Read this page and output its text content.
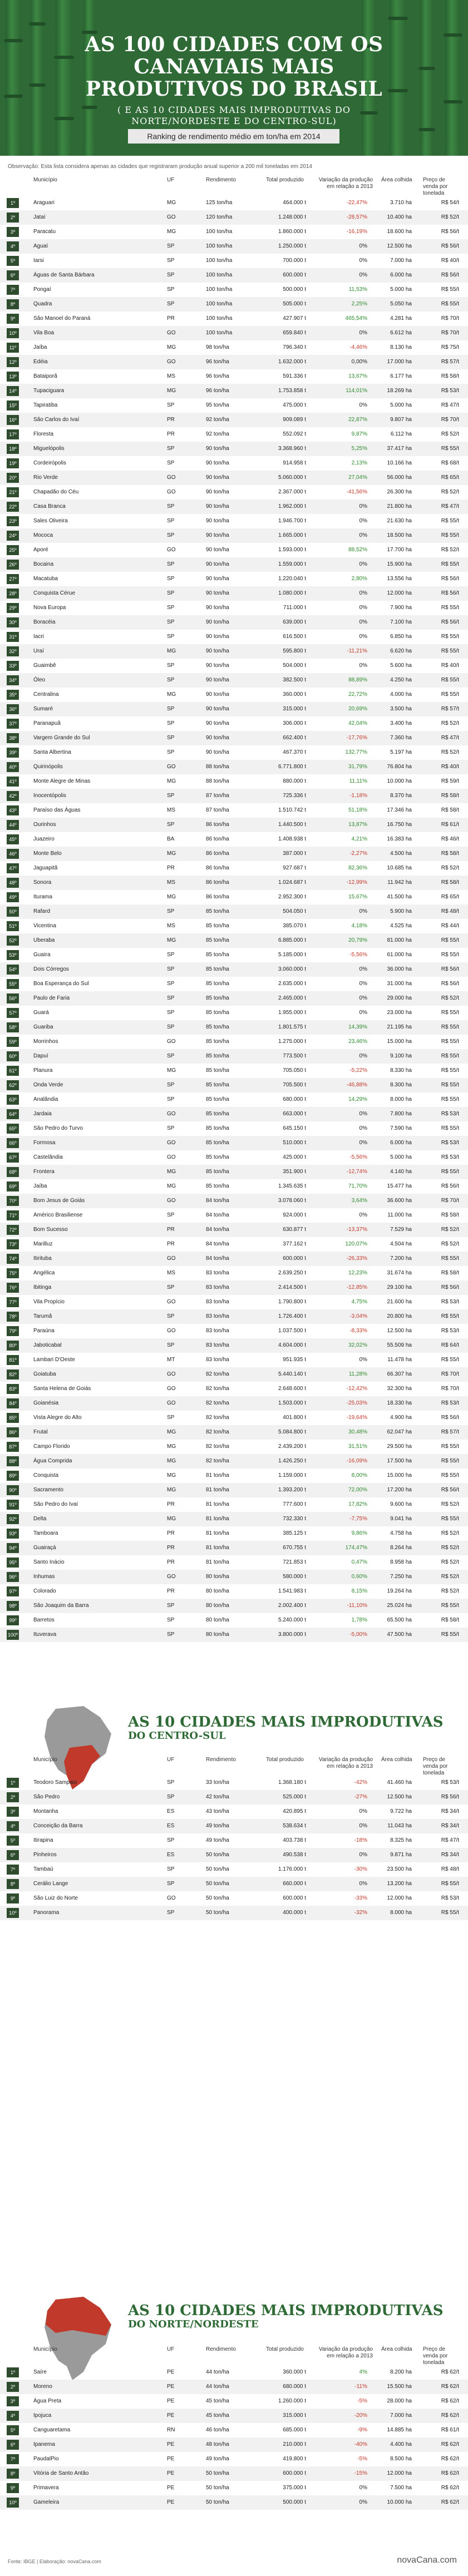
AS 100 CIDADES COM OS CANAVIAIS MAIS PRODUTIVOS DO BRASIL
( E AS 10 CIDADES MAIS IMPRODUTIVAS DO NORTE/NORDESTE E DO CENTRO-SUL)
Ranking de rendimento médio em ton/ha em 2014
Observação: Esta lista considera apenas as cidades que registraram produção anual superior a 200 mil toneladas em 2014
Município	UF	Rendimento	Total produzido	Variação da produção em relação a 2013
Área colhida Preço de venda por tonelada
1º	Araguari	MG	125 ton/ha	464.000 t	-22,47%	3.710 ha	R$ 54/t
2º	Jataí	GO	120 ton/ha	1.248.000 t	-28,57%	10.400 ha	R$ 52/t
3º	Paracatu	MG	100 ton/ha	1.860.000 t	-16,19%	18.600 ha	R$ 56/t
4º	Aguaí	SP	100 ton/ha	1.250.000 t	0%	12.500 ha	R$ 56/t
5º	Iarsi	SP	100 ton/ha	700.000 t	0%	7.000 ha	R$ 40/t
6º	Águas de Santa Bárbara	SP	100 ton/ha	600.000 t	0%	6.000 ha	R$ 56/t
7º	Pongaí	SP	100 ton/ha	500.000 t	11,53%	5.000 ha	R$ 55/t
8º	Quadra	SP	100 ton/ha	505.000 t	2,25%	5.050 ha	R$ 55/t
9º	São Manoel do Paraná	PR	100 ton/ha	427.907 t	465,54%	4.281 ha	R$ 70/t
10º	Vila Boa	GO	100 ton/ha	659.840 t	0%	6.612 ha	R$ 70/t
11º	Jaíba	MG	98 ton/ha	796.340 t	-4,46%	8.130 ha	R$ 75/t
12º	Edéia	GO	96 ton/ha	1.632.000 t	0,00%	17.000 ha	R$ 57/t
13º	Bataiporã	MS	96 ton/ha	591.336 t	13,67%	6.177 ha	R$ 58/t
14º	Tupaciguara	MG	96 ton/ha	1.753.858 t	114,01%	18.269 ha	R$ 53/t
15º	Tapiratiba	SP	95 ton/ha	475.000 t	0%	5.000 ha	R$ 47/t
16º	São Carlos do Ivaí	PR	92 ton/ha	909.089 t	22,87%	9.807 ha	R$ 70/t
17º	Floresta	PR	92 ton/ha	552.092 t	9,87%	6.112 ha	R$ 52/t
18º	Miguelópolis	SP	90 ton/ha	3.368.960 t	5,25%	37.417 ha	R$ 55/t
19º	Cordeirópolis	SP	90 ton/ha	914.958 t	2,13%	10.166 ha	R$ 68/t
20º	Rio Verde	GO	90 ton/ha	5.060.000 t	27,04%	56.000 ha	R$ 65/t
21º	Chapadão do Céu	GO	90 ton/ha	2.367.000 t	-41,56%	26.300 ha	R$ 52/t
22º	Casa Branca	SP	90 ton/ha	1.962.000 t	0%	21.800 ha	R$ 47/t
23º	Sales Oliveira	SP	90 ton/ha	1.946.700 t	0%	21.630 ha	R$ 55/t
24º	Mococa	SP	90 ton/ha	1.665.000 t	0%	18.500 ha	R$ 55/t
25º	Aporé	GO	90 ton/ha	1.593.000 t	88,52%	17.700 ha	R$ 52/t
26º	Bocaina	SP	90 ton/ha	1.559.000 t	0%	15.900 ha	R$ 55/t
27º	Macatuba	SP	90 ton/ha	1.220.040 t	2,80%	13.556 ha	R$ 56/t
28º	Conquista Cérue	SP	90 ton/ha	1.080.000 t	0%	12.000 ha	R$ 56/t
29º	Nova Europa	SP	90 ton/ha	711.000 t	0%	7.900 ha	R$ 55/t
30º	Boracéia	SP	90 ton/ha	639.000 t	0%	7.100 ha	R$ 56/t
31º	Iacri	SP	90 ton/ha	616.500 t	0%	6.850 ha	R$ 55/t
32º	Uraí	MG	90 ton/ha	595.800 t	-11,21%	6.620 ha	R$ 55/t
33º	Guaimbê	SP	90 ton/ha	504.000 t	0%	5.600 ha	R$ 40/t
34º	Óleo	SP	90 ton/ha	382.500 t	88,89%	4.250 ha	R$ 55/t
35º	Centralina	MG	90 ton/ha	360.000 t	22,72%	4.000 ha	R$ 55/t
36º	Sumaré	SP	90 ton/ha	315.000 t	20,69%	3.500 ha	R$ 57/t
37º	Paranapuã	SP	90 ton/ha	306.000 t	42,04%	3.400 ha	R$ 52/t
38º	Vargem Grande do Sul	SP	90 ton/ha	662.400 t	-17,76%	7.360 ha	R$ 47/t
39º	Santa Albertina	SP	90 ton/ha	467.370 t	132,77%	5.197 ha	R$ 52/t
40º	Quirinópolis	GO	88 ton/ha	6.771.800 t	31,79%	76.804 ha	R$ 40/t
41º	Monte Alegre de Minas	MG	88 ton/ha	880.000 t	11,11%	10.000 ha	R$ 59/t
42º	Inocentópolis	SP	87 ton/ha	725.336 t	-1,18%	8.370 ha	R$ 58/t
43º	Paraíso das Águas	MS	87 ton/ha	1.510.742 t	51,18%	17.346 ha	R$ 58/t
44º	Ourinhos	SP	86 ton/ha	1.440.500 t	13,87%	16.750 ha	R$ 61/t
45º	Juazeiro	BA	86 ton/ha	1.408.938 t	4,21%	16.383 ha	R$ 46/t
46º	Monte Belo	MG	86 ton/ha	387.000 t	-2,27%	4.500 ha	R$ 58/t
47º	Jaguapitã	PR	86 ton/ha	927.687 t	82,36%	10.685 ha	R$ 52/t
48º	Sonora	MS	86 ton/ha	1.024.687 t	-12,99%	11.942 ha	R$ 58/t
49º	Iturama	MG	86 ton/ha	2.952.300 t	15,67%	41.500 ha	R$ 65/t
50º	Rafard	SP	85 ton/ha	504.050 t	0%	5.900 ha	R$ 48/t
51º	Vicentina	MS	85 ton/ha	385.070 t	4,18%	4.525 ha	R$ 44/t
52º	Uberaba	MG	85 ton/ha	6.885.000 t	20,79%	81.000 ha	R$ 55/t
53º	Guaíra	SP	85 ton/ha	5.185.000 t	-5,56%	61.000 ha	R$ 55/t
54º	Dois Córregos	SP	85 ton/ha	3.060.000 t	0%	36.000 ha	R$ 56/t
55º	Boa Esperança do Sul	SP	85 ton/ha	2.635.000 t	0%	31.000 ha	R$ 56/t
56º	Paulo de Faria	SP	85 ton/ha	2.465.000 t	0%	29.000 ha	R$ 52/t
57º	Guará	SP	85 ton/ha	1.955.000 t	0%	23.000 ha	R$ 55/t
58º	Guariba	SP	85 ton/ha	1.801.575 t	14,39%	21.195 ha	R$ 55/t
59º	Morrinhos	GO	85 ton/ha	1.275.000 t	23,46%	15.000 ha	R$ 55/t
60º	Dapuí	SP	85 ton/ha	773.500 t	0%	9.100 ha	R$ 55/t
61º	Planura	MG	85 ton/ha	705.050 t	-5,22%	8.330 ha	R$ 55/t
62º	Onda Verde	SP	85 ton/ha	705.500 t	-46,88%	8.300 ha	R$ 55/t
63º	Analândia	SP	85 ton/ha	680.000 t	14,29%	8.000 ha	R$ 55/t
64º	Jardaia	GO	85 ton/ha	663.000 t	0%	7.800 ha	R$ 53/t
65º	São Pedro do Turvo	SP	85 ton/ha	645.150 t	0%	7.590 ha	R$ 55/t
66º	Formosa	GO	85 ton/ha	510.000 t	0%	6.000 ha	R$ 53/t
67º	Castelândia	GO	85 ton/ha	425.000 t	-5,56%	5.000 ha	R$ 53/t
68º	Frontera	MG	85 ton/ha	351.900 t	-12,74%	4.140 ha	R$ 55/t
69º	Jaíba	MG	85 ton/ha	1.345.635 t	71,70%	15.477 ha	R$ 56/t
70º	Bom Jesus de Goiás	GO	84 ton/ha	3.078.060 t	3,64%	36.600 ha	R$ 70/t
71º	Américo Brasiliense	SP	84 ton/ha	924.000 t	0%	11.000 ha	R$ 58/t
72º	Bom Sucesso	PR	84 ton/ha	630.877 t	-13,37%	7.529 ha	R$ 52/t
73º	Marilluz	PR	84 ton/ha	377.162 t	120,07%	4.504 ha	R$ 52/t
74º	Itirituba	GO	84 ton/ha	600.000 t	-26,33%	7.200 ha	R$ 55/t
75º	Angélica	MS	83 ton/ha	2.639.250 t	12,23%	31.674 ha	R$ 58/t
76º	Ibitinga	SP	83 ton/ha	2.414.500 t	-12,85%	29.100 ha	R$ 56/t
77º	Vila Propício	GO	83 ton/ha	1.790.800 t	4,75%	21.600 ha	R$ 53/t
78º	Tarumã	SP	83 ton/ha	1.726.400 t	-3,04%	20.800 ha	R$ 55/t
79º	Paraúna	GO	83 ton/ha	1.037.500 t	-8,33%	12.500 ha	R$ 53/t
80º	Jaboticabal	SP	83 ton/ha	4.604.000 t	32,02%	55.509 ha	R$ 64/t
81º	Lambari D'Oeste	MT	83 ton/ha	951.935 t	0%	11.478 ha	R$ 55/t
82º	Goiatuba	GO	82 ton/ha	5.440.140 t	11,28%	66.307 ha	R$ 70/t
83º	Santa Helena de Goiás	GO	82 ton/ha	2.648.600 t	-12,42%	32.300 ha	R$ 70/t
84º	Goianésia	GO	82 ton/ha	1.503.000 t	-25,03%	18.330 ha	R$ 53/t
85º	Vista Alegre do Alto	SP	82 ton/ha	401.800 t	-19,64%	4.900 ha	R$ 56/t
86º	Frutal	MG	82 ton/ha	5.084.800 t	30,48%	62.047 ha	R$ 57/t
87º	Campo Florido	MG	82 ton/ha	2.439.200 t	31,51%	29.500 ha	R$ 55/t
88º	Água Comprida	MG	82 ton/ha	1.426.250 t	-16,09%	17.500 ha	R$ 55/t
89º	Conquista	MG	81 ton/ha	1.159.000 t	8,00%	15.000 ha	R$ 55/t
90º	Sacramento	MG	81 ton/ha	1.393.200 t	72,00%	17.200 ha	R$ 56/t
91º	São Pedro do Ivaí	PR	81 ton/ha	777.600 t	17,82%	9.600 ha	R$ 52/t
92º	Delta	MG	81 ton/ha	732.330 t	-7,75%	9.041 ha	R$ 55/t
93º	Tamboara	PR	81 ton/ha	385.125 t	9,86%	4.758 ha	R$ 52/t
94º	Guairaçá	PR	81 ton/ha	670.755 t	174,47%	8.264 ha	R$ 52/t
95º	Santo Inácio	PR	81 ton/ha	721.853 t	0,47%	8.958 ha	R$ 52/t
96º	Inhumas	GO	80 ton/ha	580.000 t	0,60%	7.250 ha	R$ 52/t
97º	Colorado	PR	80 ton/ha	1.541.983 t	8,15%	19.264 ha	R$ 52/t
98º	São Joaquim da Barra	SP	80 ton/ha	2.002.400 t	-11,10%	25.024 ha	R$ 55/t
99º	Barretos	SP	80 ton/ha	5.240.000 t	1,78%	65.500 ha	R$ 58/t
100º	Ituverava	SP	80 ton/ha	3.800.000 t	-5,00%	47.500 ha	R$ 55/t
AS 10 CIDADES MAIS IMPRODUTIVAS
DO CENTRO-SUL
Município	UF	Rendimento	Total produzido	Variação da produção em relação a 2013
Área colhida Preço de venda por tonelada
1º	Teodoro Sampaio	SP	33 ton/ha	1.368.180 t	-42%	41.460 ha	R$ 53/t
2º	São Pedro	SP	42 ton/ha	525.000 t	-27%	12.500 ha	R$ 56/t
3º	Montanha	ES	43 ton/ha	420.895 t	0%	9.722 ha	R$ 34/t
4º	Conceição da Barra	ES	49 ton/ha	538.634 t	0%	11.043 ha	R$ 34/t
5º	Itirapina	SP	49 ton/ha	403.738 t	-18%	8.325 ha	R$ 47/t
6º	Pinheiros	ES	50 ton/ha	490.538 t	0%	9.871 ha	R$ 34/t
7º	Tambaú	SP	50 ton/ha	1.176.000 t	-30%	23.500 ha	R$ 48/t
8º	Cerálio Lange	SP	50 ton/ha	660.000 t	0%	13.200 ha	R$ 55/t
9º	São Luiz do Norte	GO	50 ton/ha	600.000 t	-33%	12.000 ha	R$ 53/t
10º	Panorama	SP	50 ton/ha	400.000 t	-32%	8.000 ha	R$ 55/t
AS 10 CIDADES MAIS IMPRODUTIVAS
DO NORTE/NORDESTE
Município	UF	Rendimento	Total produzido	Variação da produção em relação a 2013
Área colhida Preço de venda por tonelada
1º	Saíre	PE	44 ton/ha	360.000 t	4%	8.200 ha	R$ 62/t
2º	Moreno	PE	44 ton/ha	680.000 t	-11%	15.500 ha	R$ 62/t
3º	Água Preta	PE	45 ton/ha	1.260.000 t	-5%	28.000 ha	R$ 62/t
4º	Ipojuca	PE	45 ton/ha	315.000 t	-20%	7.000 ha	R$ 62/t
5º	Canguaretama	RN	46 ton/ha	685.000 t	-9%	14.885 ha	R$ 61/t
6º	Ipanema	PE	48 ton/ha	210.000 t	-40%	4.400 ha	R$ 62/t
7º	PaudalPio	PE	49 ton/ha	419.800 t	-5%	8.500 ha	R$ 62/t
8º	Vitória de Santo Antão	PE	50 ton/ha	600.000 t	-15%	12.000 ha	R$ 62/t
9º	Primavera	PE	50 ton/ha	375.000 t	0%	7.500 ha	R$ 62/t
10º	Gameleira	PE	50 ton/ha	500.000 t	0%	10.000 ha	R$ 62/t
Fonte: IBGE | Elaboração: novaCana.com	novaCana.com
